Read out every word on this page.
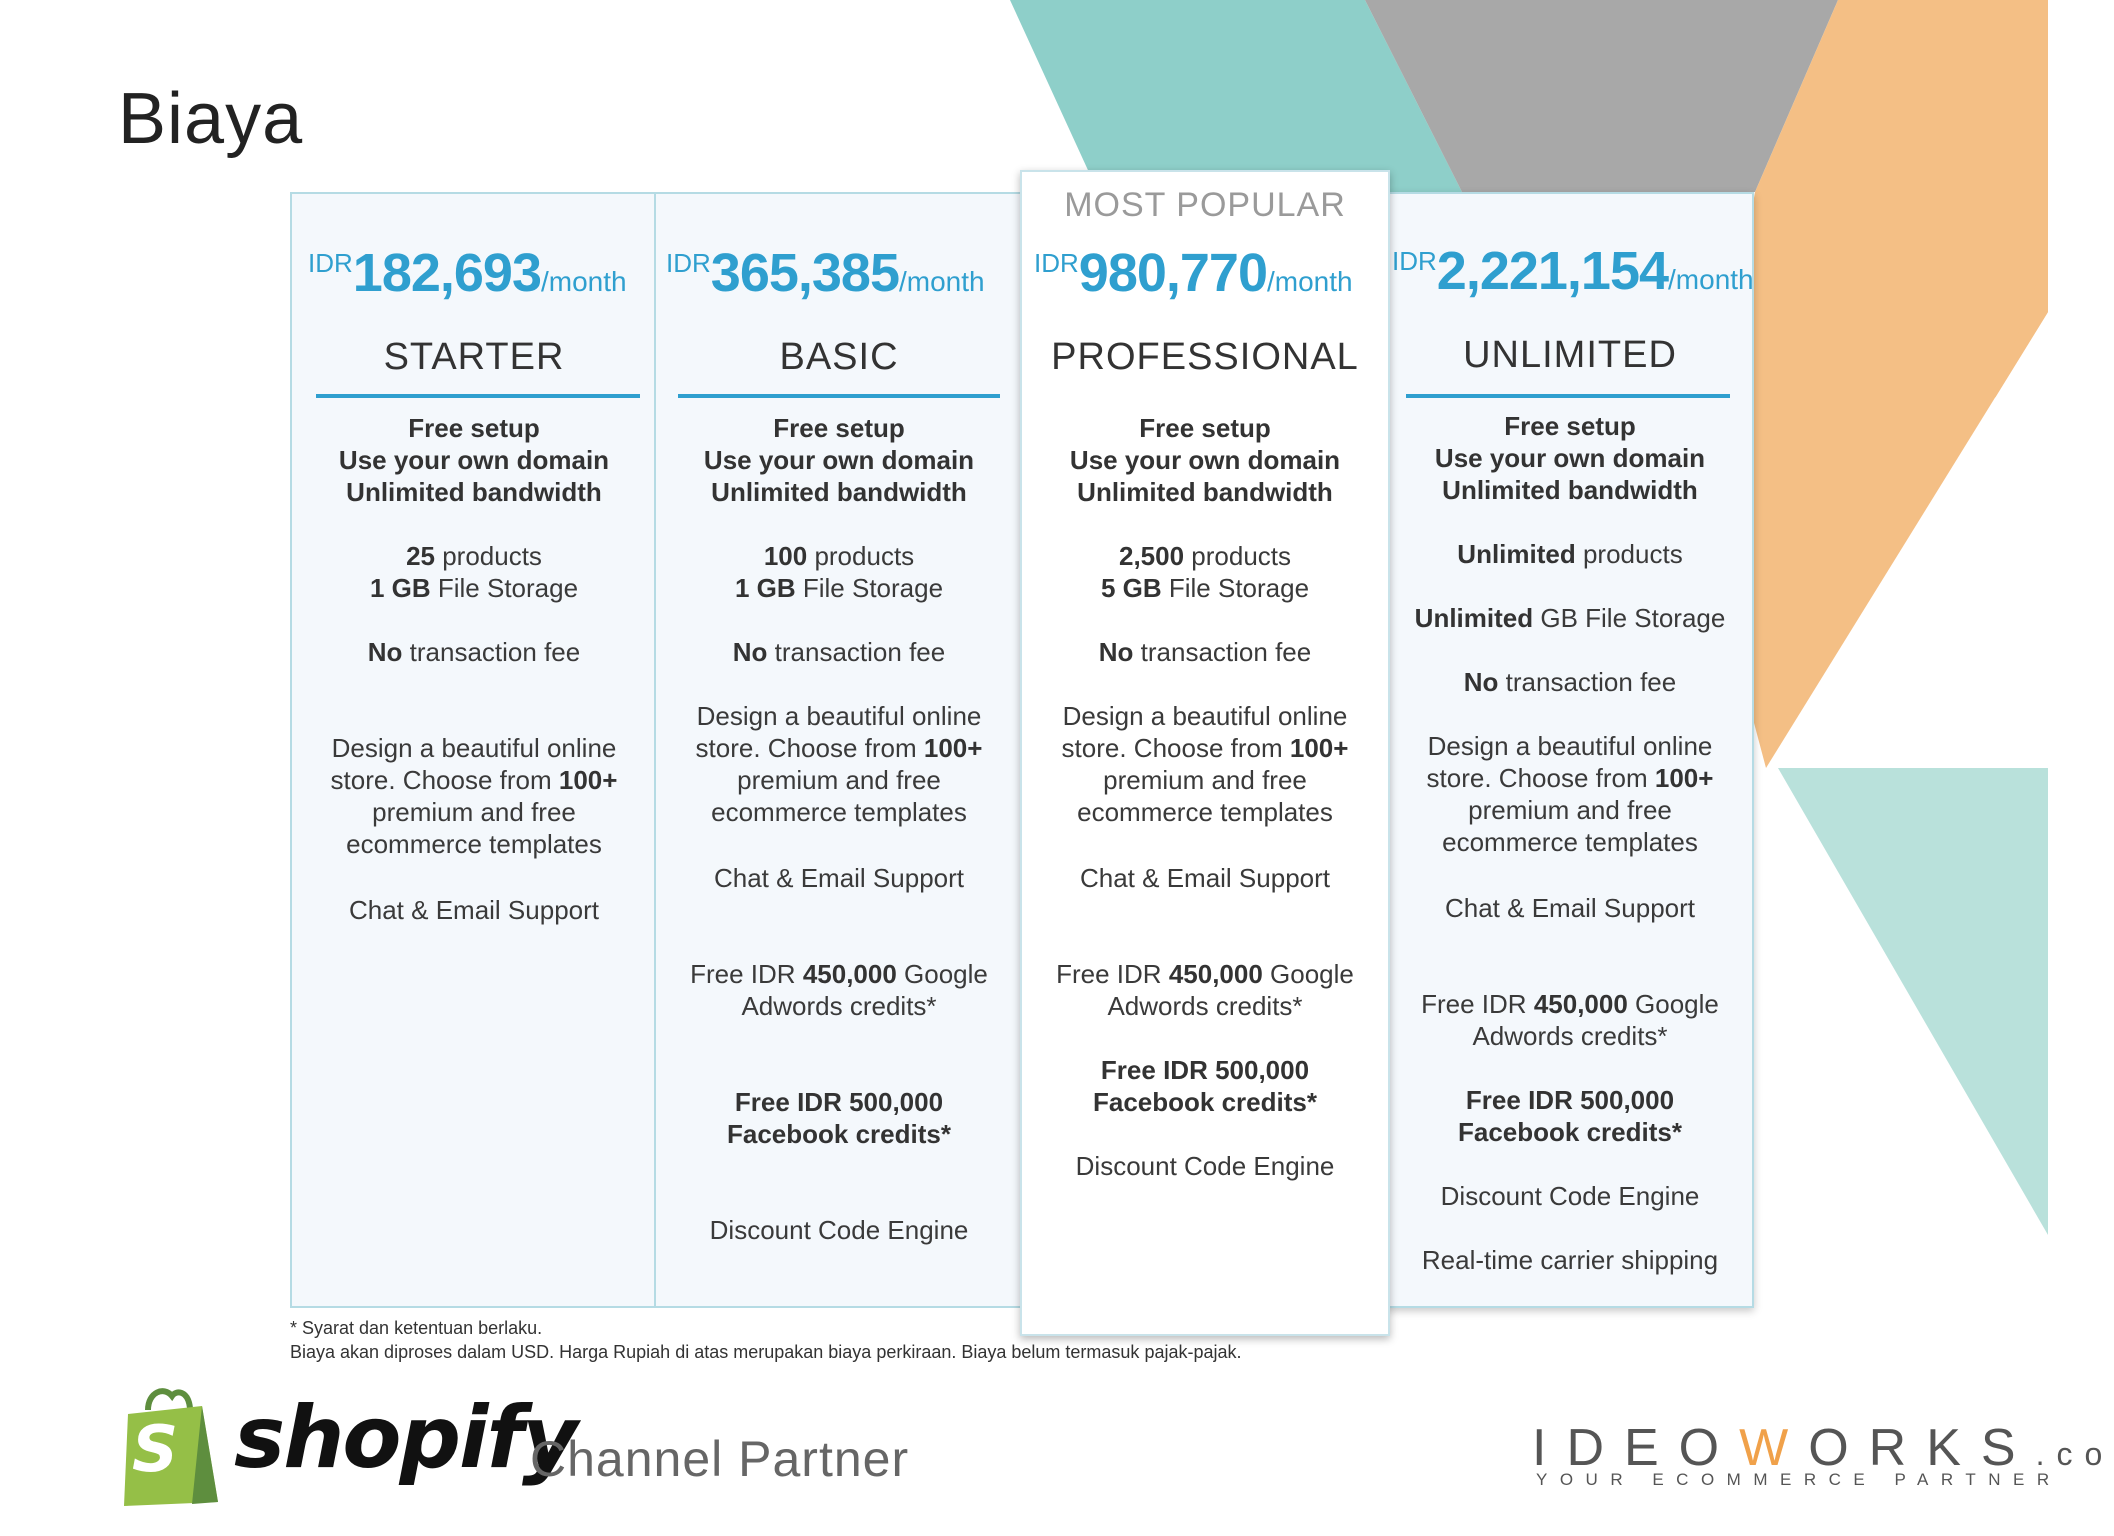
Biaya
IDR182,693/month
STARTER
Free setup
Use your own domain
Unlimited bandwidth
25 products
1 GB File Storage
No transaction fee
Design a beautiful online
store. Choose from 100+
premium and free
ecommerce templates
Chat & Email Support
IDR365,385/month
BASIC
Free setup
Use your own domain
Unlimited bandwidth
100 products
1 GB File Storage
No transaction fee
Design a beautiful online
store. Choose from 100+
premium and free
ecommerce templates
Chat & Email Support
Free IDR 450,000 Google
Adwords credits*
Free IDR 500,000
Facebook credits*
Discount Code Engine
MOST POPULAR
IDR980,770/month
PROFESSIONAL
Free setup
Use your own domain
Unlimited bandwidth
2,500 products
5 GB File Storage
No transaction fee
Design a beautiful online
store. Choose from 100+
premium and free
ecommerce templates
Chat & Email Support
Free IDR 450,000 Google
Adwords credits*
Free IDR 500,000
Facebook credits*
Discount Code Engine
IDR2,221,154/month
UNLIMITED
Free setup
Use your own domain
Unlimited bandwidth
Unlimited products
Unlimited GB File Storage
No transaction fee
Design a beautiful online
store. Choose from 100+
premium and free
ecommerce templates
Chat & Email Support
Free IDR 450,000 Google
Adwords credits*
Free IDR 500,000
Facebook credits*
Discount Code Engine
Real-time carrier shipping
* Syarat dan ketentuan berlaku.
Biaya akan diproses dalam USD. Harga Rupiah di atas merupakan biaya perkiraan. Biaya belum termasuk pajak-pajak.
S shopify
Channel Partner	IDEOWORKS.co
YOUR ECOMMERCE PARTNER
